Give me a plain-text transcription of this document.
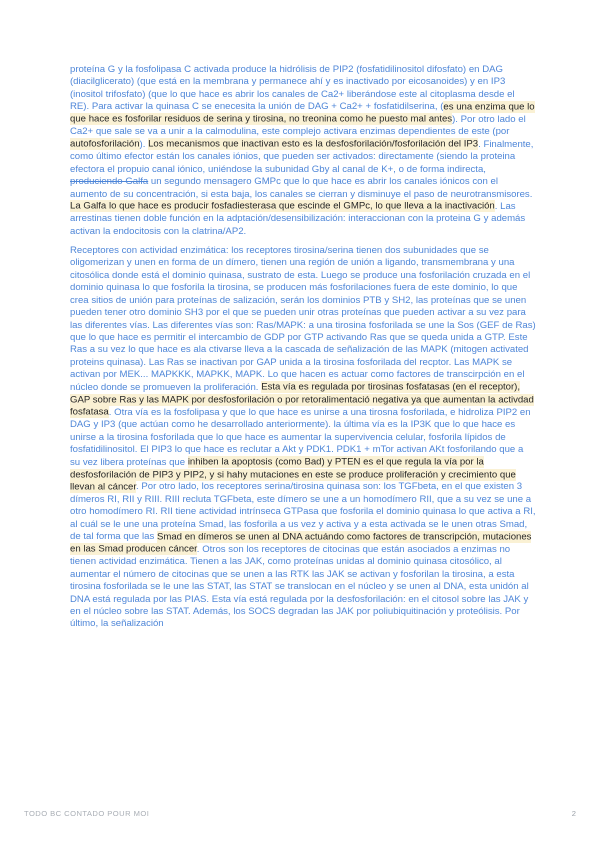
proteína G y la fosfolipasa C activada produce la hidrólisis de PIP2 (fosfatidilinositol difosfato) en DAG (diacilglicerato) (que está en la membrana y permanece ahí y es inactivado por eicosanoides) y en IP3 (inositol trifosfato) (que lo que hace es abrir los canales de Ca2+ liberándose este al citoplasma desde el RE). Para activar la quinasa C se enecesita la unión de DAG + Ca2+ + fosfatidilserina, (es una enzima que lo que hace es fosforilar residuos de serina y tirosina, no treonina como he puesto mal antes). Por otro lado el Ca2+ que sale se va a unir a la calmodulina, este complejo activara enzimas dependientes de este (por autofosforilación). Los mecanismos que inactivan esto es la desfosforilación/fosforilación del IP3. Finalmente, como último efector están los canales iónios, que pueden ser activados: directamente (siendo la proteina efectora el propuio canal iónico, uniéndose la subunidad Gby al canal de K+, o de forma indirecta, produciendo Galfa un segundo mensagero GMPc que lo que hace es abrir los canales iónicos con el aumento de su concentración, si esta baja, los canales se cierran y disminuye el paso de neurotransmisores. La Galfa lo que hace es producir fosfadiesterasa que escinde el GMPc, lo que lleva a la inactivación. Las arrestinas tienen doble función en la adptación/desensibilización: interaccionan con la proteina G y además activan la endocitosis con la clatrina/AP2.
Receptores con actividad enzimática: los receptores tirosina/serina tienen dos subunidades que se oligomerizan y unen en forma de un dímero, tienen una región de unión a ligando, transmembrana y una citosólica donde está el dominio quinasa, sustrato de esta. Luego se produce una fosforilación cruzada en el dominio quinasa lo que fosforila la tirosina, se producen más fosforilaciones fuera de este dominio, lo que crea sitios de unión para proteínas de salización, serán los dominios PTB y SH2, las proteínas que se unen pueden tener otro dominio SH3 por el que se pueden unir otras proteínas que pueden activar a su vez para las diferentes vías. Las diferentes vías son: Ras/MAPK: a una tirosina fosforilada se une la Sos (GEF de Ras) que lo que hace es permitir el intercambio de GDP por GTP activando Ras que se queda unida a GTP. Este Ras a su vez lo que hace es ala ctivarse lleva a la cascada de señalización de las MAPK (mitogen activated proteins quinasa). Las Ras se inactivan por GAP unida a la tirosina fosforilada del recptor. Las MAPK se activan por MEK... MAPKKK, MAPKK, MAPK. Lo que hacen es actuar como factores de transcirpción en el núcleo donde se promueven la proliferación. Esta vía es regulada por tirosinas fosfatasas (en el receptor), GAP sobre Ras y las MAPK por desfosforilación o por retoralimentació negativa ya que aumentan la activdad fosfatasa. Otra vía es la fosfolipasa y que lo que hace es unirse a una tirosna fosforilada, e hidroliza PIP2 en DAG y IP3 (que actúan como he desarrollado anteriormente). la última vía es la IP3K que lo que hace es unirse a la tirosina fosforilada que lo que hace es aumentar la supervivencia celular, fosforila lípidos de fosfatidilinositol. El PIP3 lo que hace es reclutar a Akt y PDK1. PDK1 + mTor activan AKt fosforilando que a su vez libera proteínas que inhiben la apoptosis (como Bad) y PTEN es el que regula la vía por la desfosforilación de PIP3 y PIP2, y si hahy mutaciones en este se produce proliferación y crecimiento que llevan al cáncer. Por otro lado, los receptores serina/tirosina quinasa son: los TGFbeta, en el que existen 3 dímeros RI, RII y RIII. RIII recluta TGFbeta, este dímero se une a un homodímero RII, que a su vez se une a otro homodímero RI. RII tiene actividad intrínseca GTPasa que fosforila el dominio quinasa lo que activa a RI, al cuál se le une una proteína Smad, las fosforila a us vez y activa y a esta activada se le unen otras Smad, de tal forma que las Smad en dímeros se unen al DNA actuándo como factores de transcripción, mutaciones en las Smad producen cáncer. Otros son los receptores de citocinas que están asociados a enzimas no tienen actividad enzimática. Tienen a las JAK, como proteínas unidas al dominio quinasa citosólico, al aumentar el número de citocinas que se unen a las RTK las JAK se activan y fosforilan la tirosina, a esta tirosina fosforilada se le une las STAT, las STAT se translocan en el núcleo y se unen al DNA, esta unidón al DNA está regulada por las PIAS. Esta vía está regulada por la desfosforilación: en el citosol sobre las JAK y en el núcleo sobre las STAT. Además, los SOCS degradan las JAK por poliubiquitinación y proteólisis. Por último, la señalización
TODO BC CONTADO POUR MOI	2
